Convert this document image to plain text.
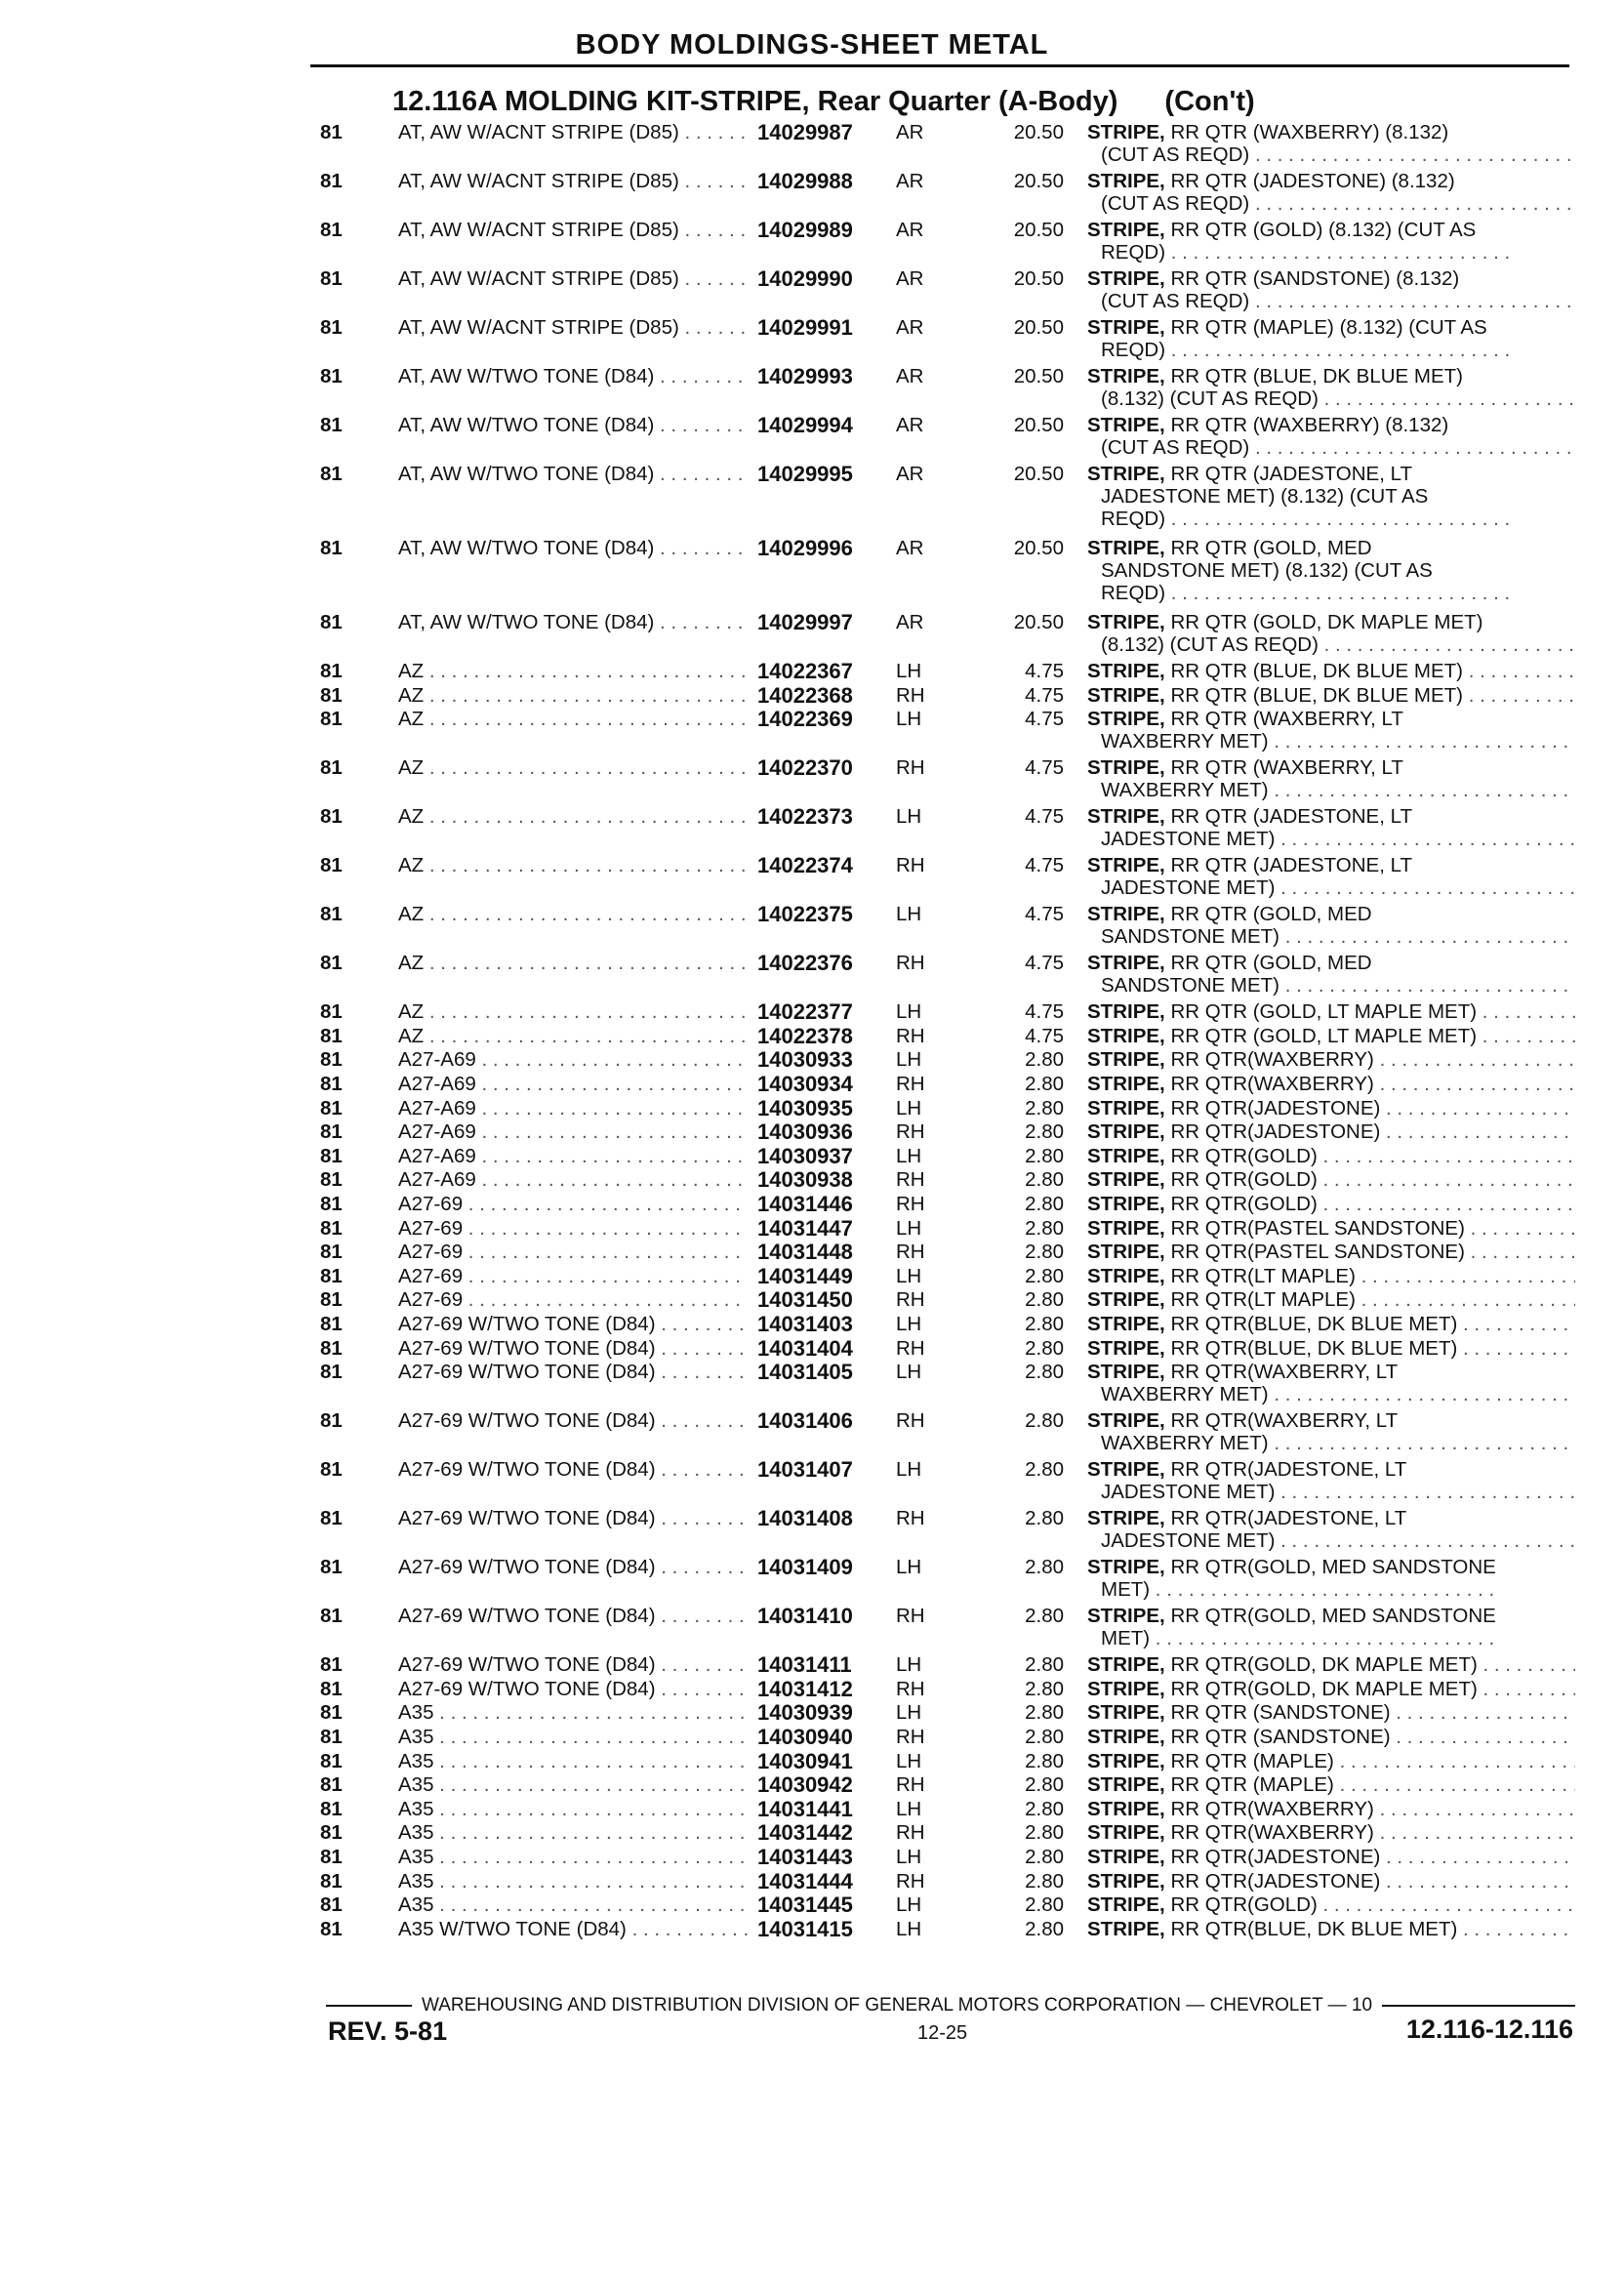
BODY MOLDINGS-SHEET METAL
12.116A MOLDING KIT-STRIPE, Rear Quarter (A-Body) (Con't)
81	AT, AW W/ACNT STRIPE (D85) . . .	14029987	AR	20.50 STRIPE, RR QTR (WAXBERRY) (8.132)
(CUT AS REQD) . . .
81	AT, AW W/ACNT STRIPE (D85) . . .	14029988	AR	20.50 STRIPE, RR QTR (JADESTONE) (8.132)
(CUT AS REQD) . . .
81	AT, AW W/ACNT STRIPE (D85) . . .	14029989	AR	20.50 STRIPE, RR QTR (GOLD) (8.132) (CUT AS
REQD) . . .
81	AT, AW W/ACNT STRIPE (D85) . . .	14029990	AR	20.50 STRIPE, RR QTR (SANDSTONE) (8.132)
(CUT AS REQD) . . .
81	AT, AW W/ACNT STRIPE (D85) . . .	14029991	AR	20.50 STRIPE, RR QTR (MAPLE) (8.132) (CUT AS
REQD) . . .
81	AT, AW W/TWO TONE (D84) . . .	14029993	AR	20.50 STRIPE, RR QTR (BLUE, DK BLUE MET)
(8.132) (CUT AS REQD) . . .
81	AT, AW W/TWO TONE (D84) . . .	14029994	AR	20.50 STRIPE, RR QTR (WAXBERRY) (8.132)
(CUT AS REQD) . . .
81	AT, AW W/TWO TONE (D84) . . .	14029995	AR	20.50 STRIPE, RR QTR (JADESTONE, LT
JADESTONE MET) (8.132) (CUT AS
REQD) . . .
81	AT, AW W/TWO TONE (D84) . . .	14029996	AR	20.50 STRIPE, RR QTR (GOLD, MED
SANDSTONE MET) (8.132) (CUT AS
REQD) . . .
81	AT, AW W/TWO TONE (D84) . . .	14029997	AR	20.50 STRIPE, RR QTR (GOLD, DK MAPLE MET)
(8.132) (CUT AS REQD) . . .
81	AZ . . .	14022367	LH	4.75 STRIPE, RR QTR (BLUE, DK BLUE MET) . . .
81	AZ . . .	14022368	RH	4.75 STRIPE, RR QTR (BLUE, DK BLUE MET) . . .
81	AZ . . .	14022369	LH	4.75 STRIPE, RR QTR (WAXBERRY, LT
WAXBERRY MET) . . .
81	AZ . . .	14022370	RH	4.75 STRIPE, RR QTR (WAXBERRY, LT
WAXBERRY MET) . . .
81	AZ . . .	14022373	LH	4.75 STRIPE, RR QTR (JADESTONE, LT
JADESTONE MET) . . .
81	AZ . . .	14022374	RH	4.75 STRIPE, RR QTR (JADESTONE, LT
JADESTONE MET) . . .
81	AZ . . .	14022375	LH	4.75 STRIPE, RR QTR (GOLD, MED
SANDSTONE MET) . . .
81	AZ . . .	14022376	RH	4.75 STRIPE, RR QTR (GOLD, MED
SANDSTONE MET) . . .
81	AZ . . .	14022377	LH	4.75 STRIPE, RR QTR (GOLD, LT MAPLE MET) . . .
81	AZ . . .	14022378	RH	4.75 STRIPE, RR QTR (GOLD, LT MAPLE MET) . . .
81	A27-A69 . . .	14030933	LH	2.80 STRIPE, RR QTR(WAXBERRY) . . .
81	A27-A69 . . .	14030934	RH	2.80 STRIPE, RR QTR(WAXBERRY) . . .
81	A27-A69 . . .	14030935	LH	2.80 STRIPE, RR QTR(JADESTONE) . . .
81	A27-A69 . . .	14030936	RH	2.80 STRIPE, RR QTR(JADESTONE) . . .
81	A27-A69 . . .	14030937	LH	2.80 STRIPE, RR QTR(GOLD) . . .
81	A27-A69 . . .	14030938	RH	2.80 STRIPE, RR QTR(GOLD) . . .
81	A27-69 . . .	14031446	RH	2.80 STRIPE, RR QTR(GOLD) . . .
81	A27-69 . . .	14031447	LH	2.80 STRIPE, RR QTR(PASTEL SANDSTONE) . . .
81	A27-69 . . .	14031448	RH	2.80 STRIPE, RR QTR(PASTEL SANDSTONE) . . .
81	A27-69 . . .	14031449	LH	2.80 STRIPE, RR QTR(LT MAPLE) . . .
81	A27-69 . . .	14031450	RH	2.80 STRIPE, RR QTR(LT MAPLE) . . .
81	A27-69 W/TWO TONE (D84) . . .	14031403	LH	2.80 STRIPE, RR QTR(BLUE, DK BLUE MET) . . .
81	A27-69 W/TWO TONE (D84) . . .	14031404	RH	2.80 STRIPE, RR QTR(BLUE, DK BLUE MET) . . .
81	A27-69 W/TWO TONE (D84) . . .	14031405	LH	2.80 STRIPE, RR QTR(WAXBERRY, LT
WAXBERRY MET) . . .
81	A27-69 W/TWO TONE (D84) . . .	14031406	RH	2.80 STRIPE, RR QTR(WAXBERRY, LT
WAXBERRY MET) . . .
81	A27-69 W/TWO TONE (D84) . . .	14031407	LH	2.80 STRIPE, RR QTR(JADESTONE, LT
JADESTONE MET) . . .
81	A27-69 W/TWO TONE (D84) . . .	14031408	RH	2.80 STRIPE, RR QTR(JADESTONE, LT
JADESTONE MET) . . .
81	A27-69 W/TWO TONE (D84) . . .	14031409	LH	2.80 STRIPE, RR QTR(GOLD, MED SANDSTONE
MET) . . .
81	A27-69 W/TWO TONE (D84) . . .	14031410	RH	2.80 STRIPE, RR QTR(GOLD, MED SANDSTONE
MET) . . .
81	A27-69 W/TWO TONE (D84) . . .	14031411	LH	2.80 STRIPE, RR QTR(GOLD, DK MAPLE MET) . . .
81	A27-69 W/TWO TONE (D84) . . .	14031412	RH	2.80 STRIPE, RR QTR(GOLD, DK MAPLE MET) . . .
81	A35 . . .	14030939	LH	2.80 STRIPE, RR QTR (SANDSTONE) . . .
81	A35 . . .	14030940	RH	2.80 STRIPE, RR QTR (SANDSTONE) . . .
81	A35 . . .	14030941	LH	2.80 STRIPE, RR QTR (MAPLE) . . .
81	A35 . . .	14030942	RH	2.80 STRIPE, RR QTR (MAPLE) . . .
81	A35 . . .	14031441	LH	2.80 STRIPE, RR QTR(WAXBERRY) . . .
81	A35 . . .	14031442	RH	2.80 STRIPE, RR QTR(WAXBERRY) . . .
81	A35 . . .	14031443	LH	2.80 STRIPE, RR QTR(JADESTONE) . . .
81	A35 . . .	14031444	RH	2.80 STRIPE, RR QTR(JADESTONE) . . .
81	A35 . . .	14031445	LH	2.80 STRIPE, RR QTR(GOLD) . . .
81	A35 W/TWO TONE (D84) . . .	14031415	LH	2.80 STRIPE, RR QTR(BLUE, DK BLUE MET) . . .
WAREHOUSING AND DISTRIBUTION DIVISION OF GENERAL MOTORS CORPORATION — CHEVROLET — 10
REV. 5-81	12-25	12.116-12.116
